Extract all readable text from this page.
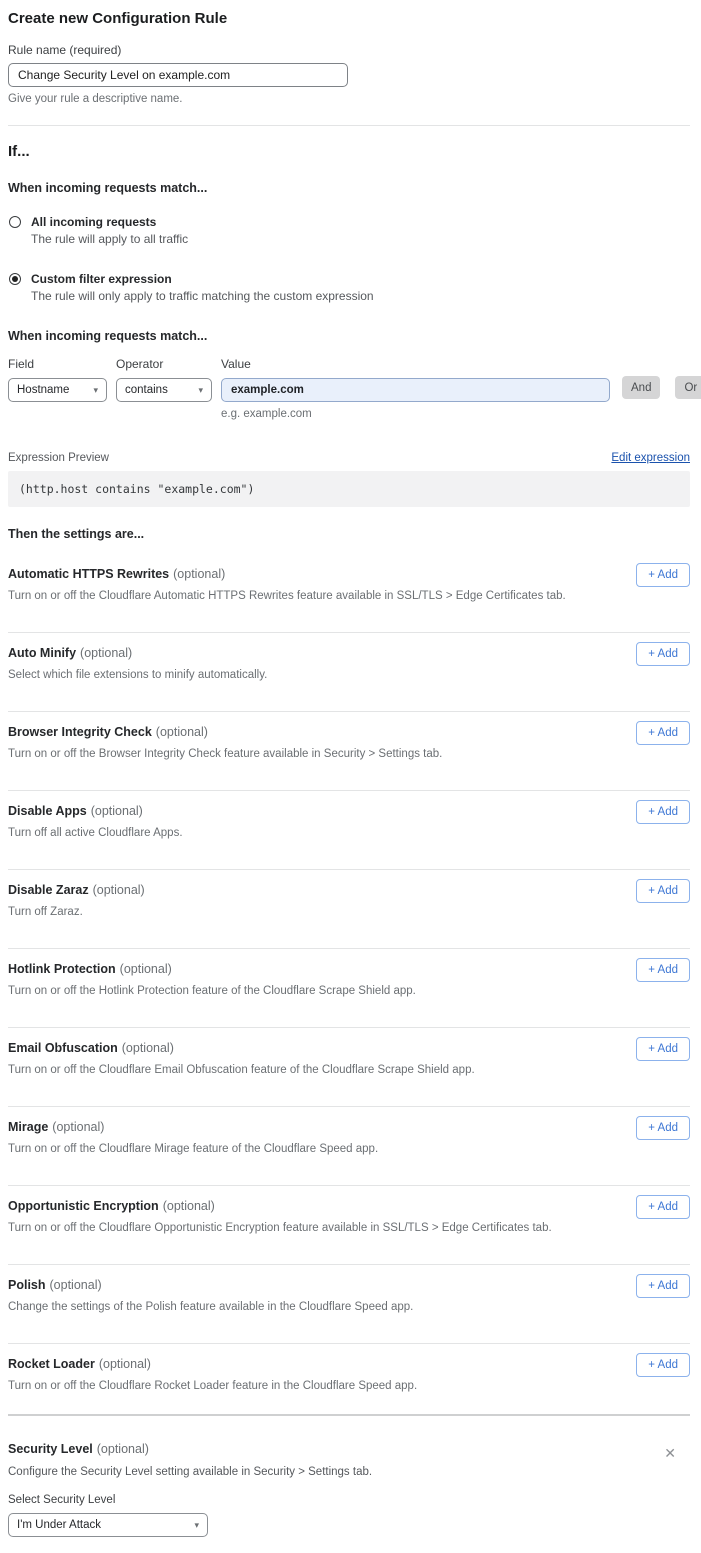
Create new Configuration Rule
Rule name (required)
Change Security Level on example.com
Give your rule a descriptive name.
If...
When incoming requests match...
All incoming requests
The rule will apply to all traffic
Custom filter expression
The rule will only apply to traffic matching the custom expression
When incoming requests match...
Field
Hostname	▾
Operator
contains	▾
Value
example.com
e.g. example.com
And	Or
Expression Preview	Edit expression
(http.host contains "example.com")
Then the settings are...
Automatic HTTPS Rewrites (optional)
Turn on or off the Cloudflare Automatic HTTPS Rewrites feature available in SSL/TLS > Edge Certificates tab.
+ Add
Auto Minify (optional)
Select which file extensions to minify automatically.
+ Add
Browser Integrity Check (optional)
Turn on or off the Browser Integrity Check feature available in Security > Settings tab.
+ Add
Disable Apps (optional)
Turn off all active Cloudflare Apps.
+ Add
Disable Zaraz (optional)
Turn off Zaraz.
+ Add
Hotlink Protection (optional)
Turn on or off the Hotlink Protection feature of the Cloudflare Scrape Shield app.
+ Add
Email Obfuscation (optional)
Turn on or off the Cloudflare Email Obfuscation feature of the Cloudflare Scrape Shield app.
+ Add
Mirage (optional)
Turn on or off the Cloudflare Mirage feature of the Cloudflare Speed app.
+ Add
Opportunistic Encryption (optional)
Turn on or off the Cloudflare Opportunistic Encryption feature available in SSL/TLS > Edge Certificates tab.
+ Add
Polish (optional)
Change the settings of the Polish feature available in the Cloudflare Speed app.
+ Add
Rocket Loader (optional)
Turn on or off the Cloudflare Rocket Loader feature in the Cloudflare Speed app.
+ Add
Security Level (optional)	✕
Configure the Security Level setting available in Security > Settings tab.
Select Security Level
I'm Under Attack	▾
